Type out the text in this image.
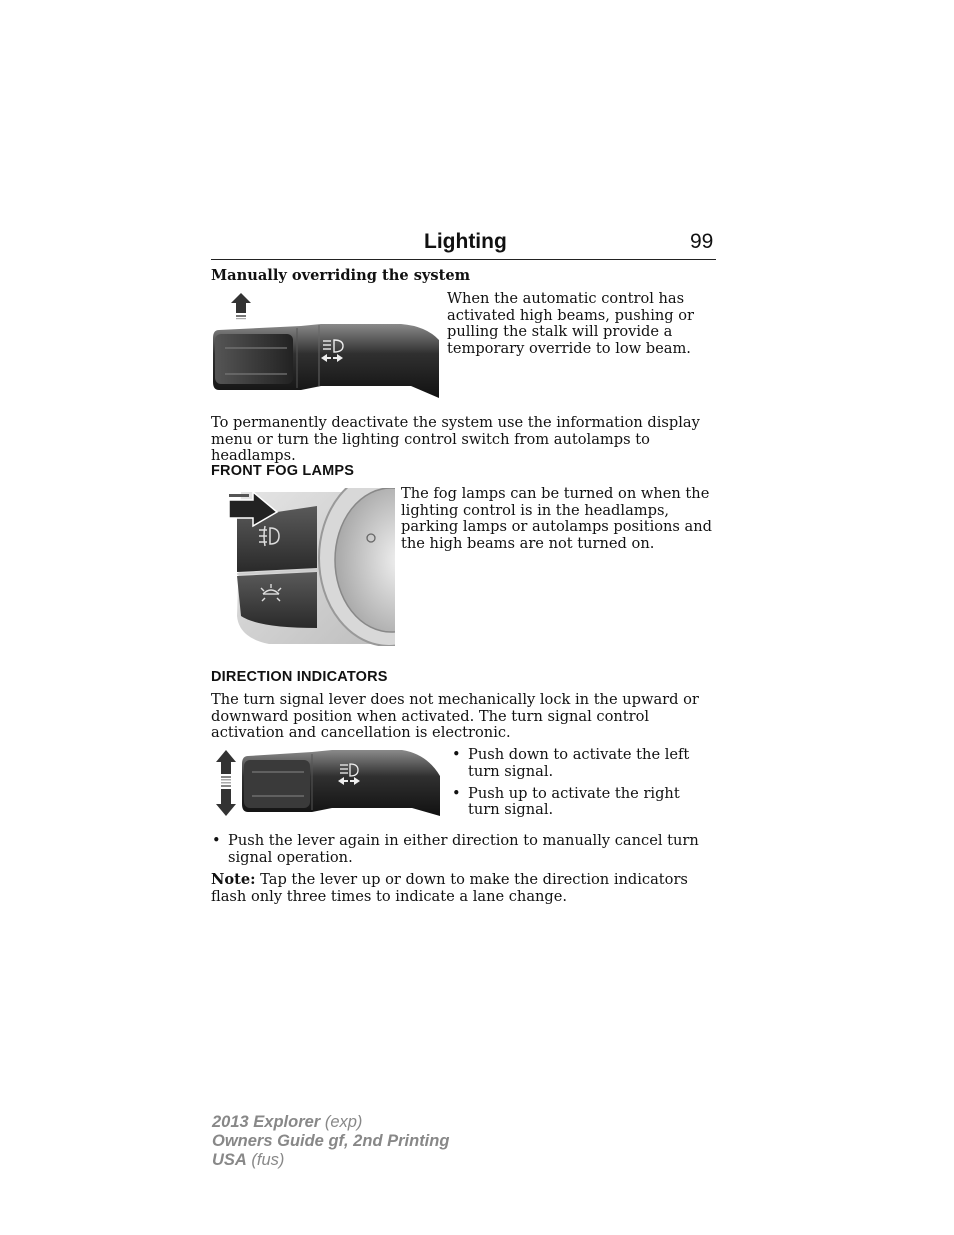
Lighting	99
Manually overriding the system
When the automatic control has activated high beams, pushing or pulling the stalk will provide a temporary override to low beam.
To permanently deactivate the system use the information display menu or turn the lighting control switch from autolamps to headlamps.
FRONT FOG LAMPS
The fog lamps can be turned on when the lighting control is in the headlamps, parking lamps or autolamps positions and the high beams are not turned on.
DIRECTION INDICATORS
The turn signal lever does not mechanically lock in the upward or downward position when activated. The turn signal control activation and cancellation is electronic.
• Push down to activate the left turn signal.
• Push up to activate the right turn signal.
• Push the lever again in either direction to manually cancel turn signal operation.
Note: Tap the lever up or down to make the direction indicators flash only three times to indicate a lane change.
2013 Explorer (exp)
Owners Guide gf, 2nd Printing
USA (fus)
